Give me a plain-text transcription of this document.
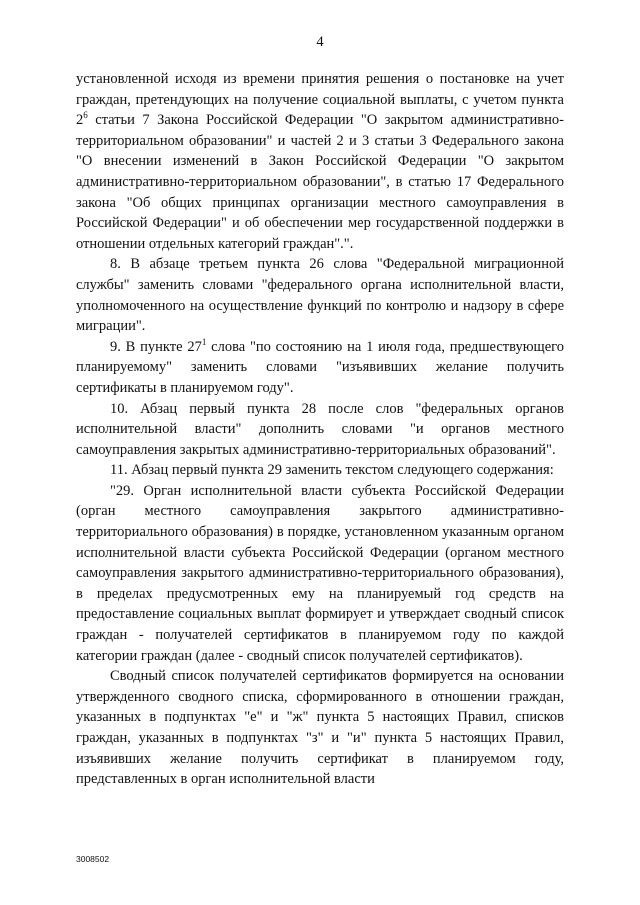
4

установленной исходя из времени принятия решения о постановке на учет граждан, претендующих на получение социальной выплаты, с учетом пункта $2^6$ статьи 7 Закона Российской Федерации "О закрытом административно-территориальном образовании" и частей 2 и 3 статьи 3 Федерального закона "О внесении изменений в Закон Российской Федерации "О закрытом административно-территориальном образовании", в статью 17 Федерального закона "Об общих принципах организации местного самоуправления в Российской Федерации" и об обеспечении мер государственной поддержки в отношении отдельных категорий граждан".".

8. В абзаце третьем пункта 26 слова "Федеральной миграционной службы" заменить словами "федерального органа исполнительной власти, уполномоченного на осуществление функций по контролю и надзору в сфере миграции".

9. В пункте $27^1$ слова "по состоянию на 1 июля года, предшествующего планируемому" заменить словами "изъявивших желание получить сертификаты в планируемом году".

10. Абзац первый пункта 28 после слов "федеральных органов исполнительной власти" дополнить словами "и органов местного самоуправления закрытых административно-территориальных образований".

11. Абзац первый пункта 29 заменить текстом следующего содержания:

"29. Орган исполнительной власти субъекта Российской Федерации (орган местного самоуправления закрытого административно-территориального образования) в порядке, установленном указанным органом исполнительной власти субъекта Российской Федерации (органом местного самоуправления закрытого административно-территориального образования), в пределах предусмотренных ему на планируемый год средств на предоставление социальных выплат формирует и утверждает сводный список граждан - получателей сертификатов в планируемом году по каждой категории граждан (далее - сводный список получателей сертификатов).

Сводный список получателей сертификатов формируется на основании утвержденного сводного списка, сформированного в отношении граждан, указанных в подпунктах "е" и "ж" пункта 5 настоящих Правил, списков граждан, указанных в подпунктах "з" и "и" пункта 5 настоящих Правил, изъявивших желание получить сертификат в планируемом году, представленных в орган исполнительной власти

3008502
